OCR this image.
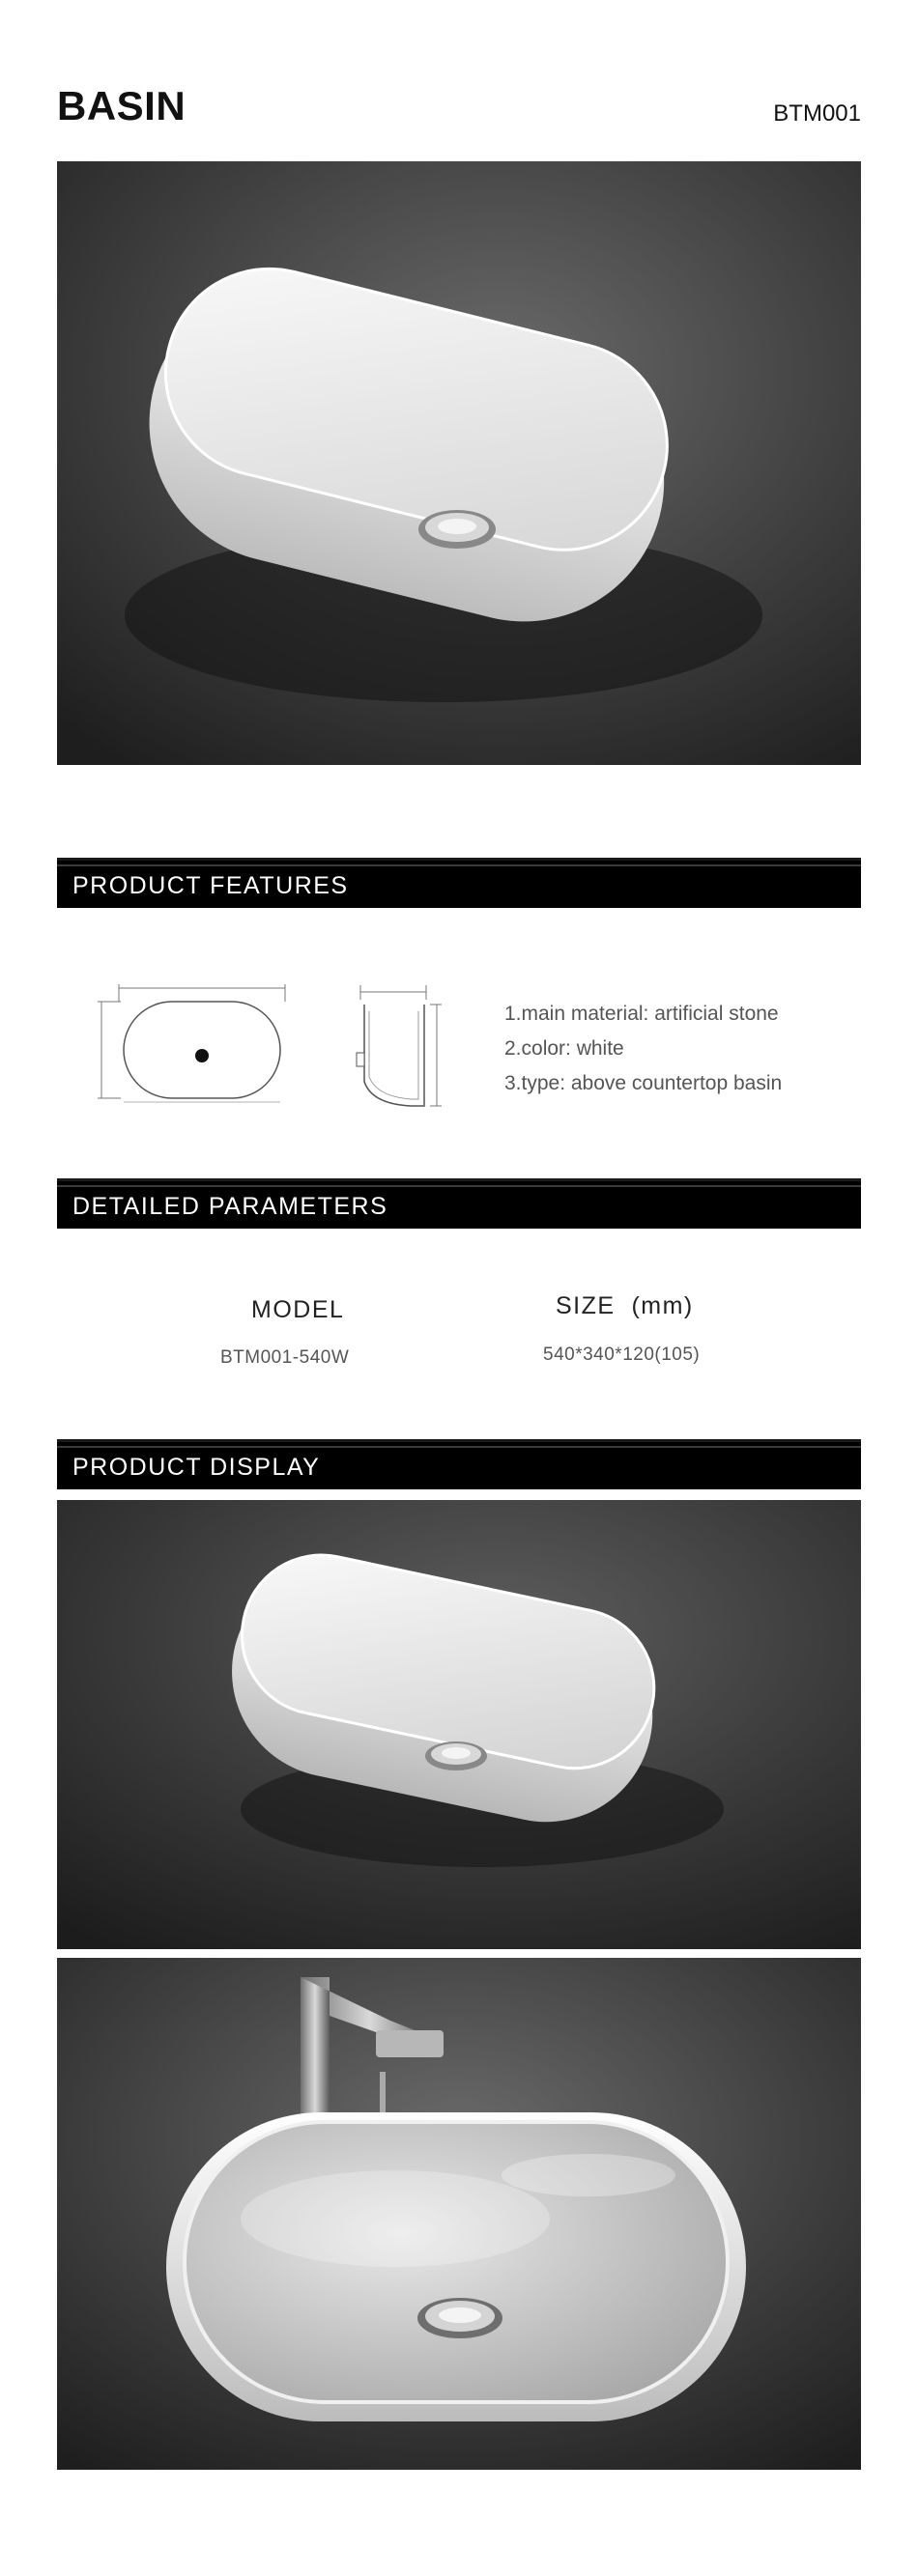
BASIN	BTM001
PRODUCT FEATURES
1.main material: artificial stone
2.color: white
3.type: above countertop basin
DETAILED PARAMETERS
MODEL	SIZE  (mm)
BTM001-540W	540*340*120(105)
PRODUCT DISPLAY
